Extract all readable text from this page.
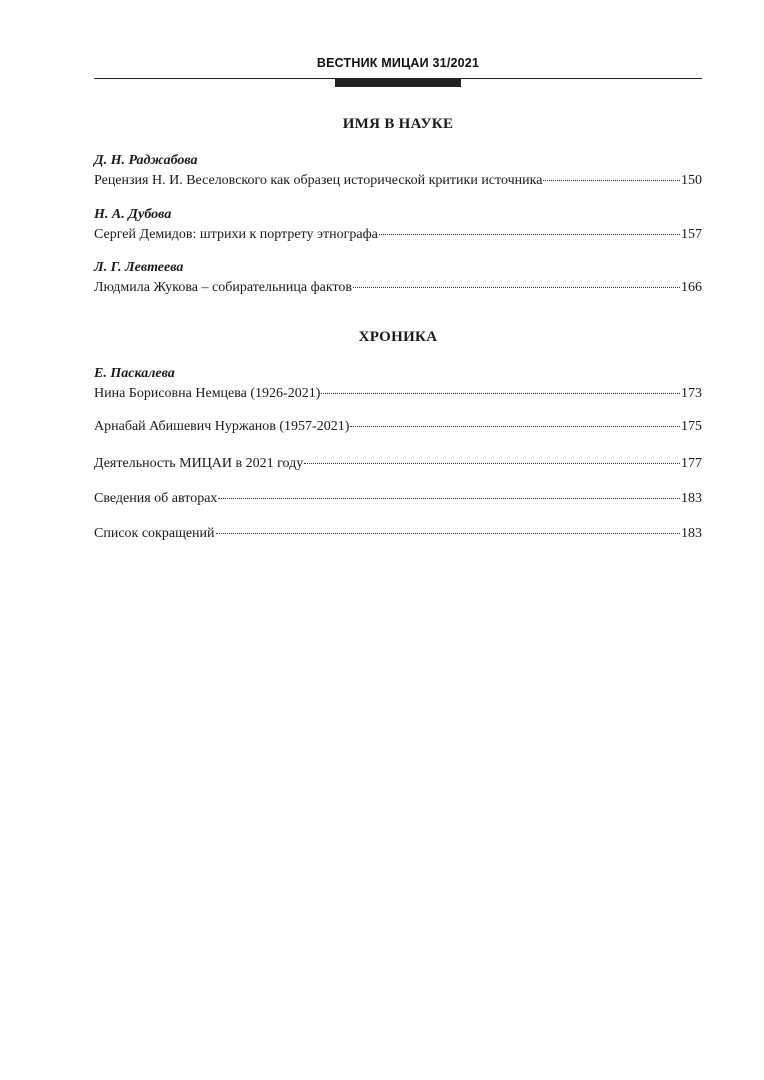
ВЕСТНИК МИЦАИ 31/2021
ИМЯ В НАУКЕ
Д. Н. Раджабова
Рецензия Н. И. Веселовского как образец исторической критики источника	150
Н. А. Дубова
Сергей Демидов: штрихи к портрету этнографа	157
Л. Г. Левтеева
Людмила Жукова – собирательница фактов	166
ХРОНИКА
Е. Паскалева
Нина Борисовна Немцева (1926-2021)	173
Арнабай Абишевич Нуржанов (1957-2021)	175
Деятельность МИЦАИ в 2021 году	177
Сведения об авторах	183
Список сокращений	183
